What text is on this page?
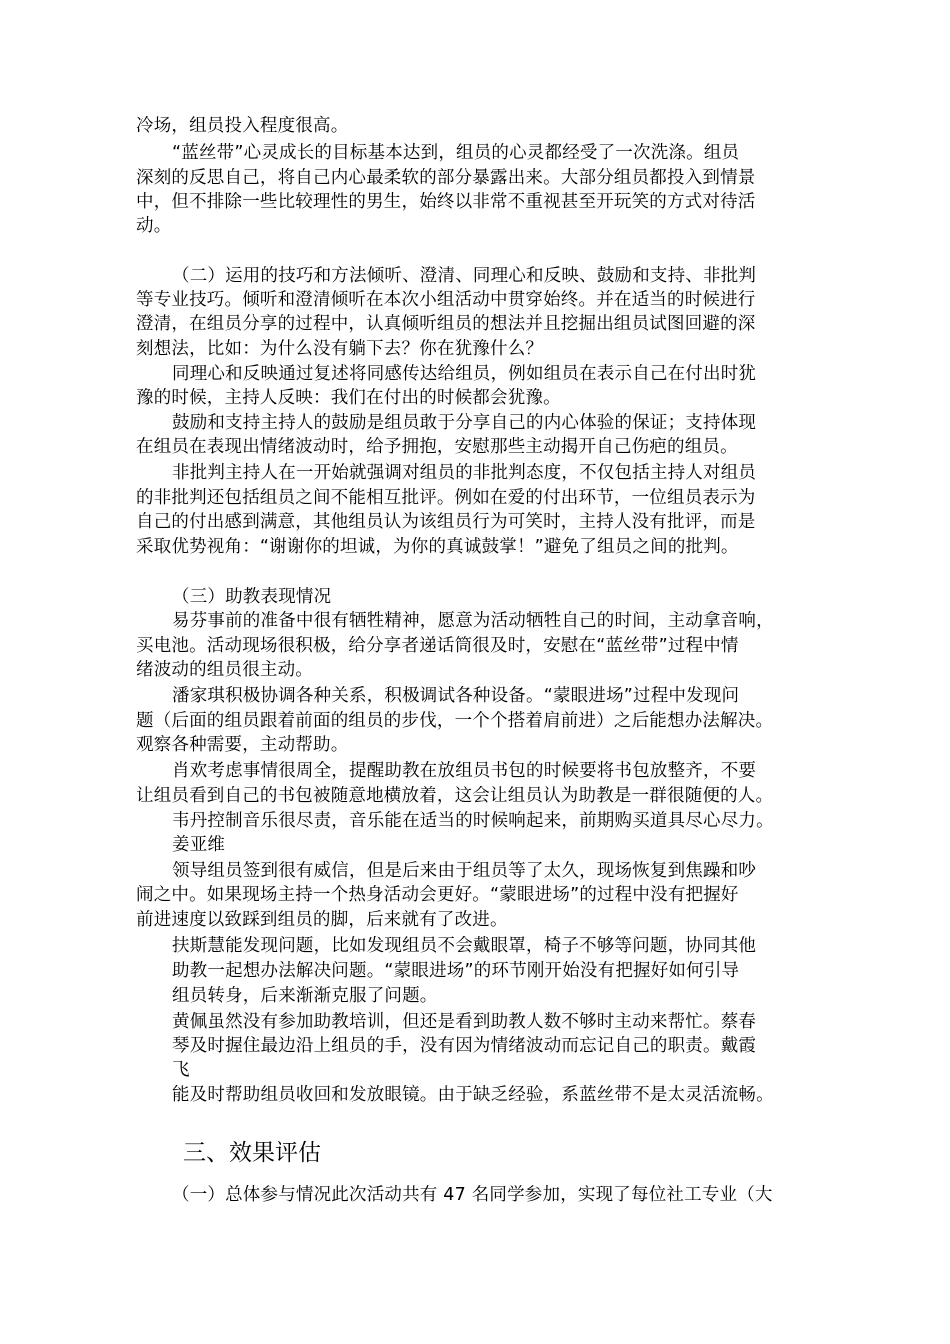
冷场，组员投入程度很高。
“蓝丝带”心灵成长的目标基本达到，组员的心灵都经受了一次洗涤。组员
深刻的反思自己，将自己内心最柔软的部分暴露出来。大部分组员都投入到情景
中，但不排除一些比较理性的男生，始终以非常不重视甚至开玩笑的方式对待活
动。
（二）运用的技巧和方法倾听、澄清、同理心和反映、鼓励和支持、非批判
等专业技巧。倾听和澄清倾听在本次小组活动中贯穿始终。并在适当的时候进行
澄清，在组员分享的过程中，认真倾听组员的想法并且挖掘出组员试图回避的深
刻想法，比如：为什么没有躺下去？你在犹豫什么？
同理心和反映通过复述将同感传达给组员，例如组员在表示自己在付出时犹
豫的时候，主持人反映：我们在付出的时候都会犹豫。
鼓励和支持主持人的鼓励是组员敢于分享自己的内心体验的保证；支持体现
在组员在表现出情绪波动时，给予拥抱，安慰那些主动揭开自己伤疤的组员。
非批判主持人在一开始就强调对组员的非批判态度，不仅包括主持人对组员
的非批判还包括组员之间不能相互批评。例如在爱的付出环节，一位组员表示为
自己的付出感到满意，其他组员认为该组员行为可笑时，主持人没有批评，而是
采取优势视角：“谢谢你的坦诚，为你的真诚鼓掌！”避免了组员之间的批判。
（三）助教表现情况
易芬事前的准备中很有牺牲精神，愿意为活动牺牲自己的时间，主动拿音响，
买电池。活动现场很积极，给分享者递话筒很及时，安慰在“蓝丝带”过程中情
绪波动的组员很主动。
潘家琪积极协调各种关系，积极调试各种设备。“蒙眼进场”过程中发现问
题（后面的组员跟着前面的组员的步伐，一个个搭着肩前进）之后能想办法解决。
观察各种需要，主动帮助。
肖欢考虑事情很周全，提醒助教在放组员书包的时候要将书包放整齐，不要
让组员看到自己的书包被随意地横放着，这会让组员认为助教是一群很随便的人。
韦丹控制音乐很尽责，音乐能在适当的时候响起来，前期购买道具尽心尽力。
姜亚维
领导组员签到很有威信，但是后来由于组员等了太久，现场恢复到焦躁和吵
闹之中。如果现场主持一个热身活动会更好。“蒙眼进场”的过程中没有把握好
前进速度以致踩到组员的脚，后来就有了改进。
扶斯慧能发现问题，比如发现组员不会戴眼罩，椅子不够等问题，协同其他
助教一起想办法解决问题。“蒙眼进场”的环节刚开始没有把握好如何引导
组员转身，后来渐渐克服了问题。
黄佩虽然没有参加助教培训，但还是看到助教人数不够时主动来帮忙。蔡春
琴及时握住最边沿上组员的手，没有因为情绪波动而忘记自己的职责。戴霞
飞
能及时帮助组员收回和发放眼镜。由于缺乏经验，系蓝丝带不是太灵活流畅。
三、效果评估
（一）总体参与情况此次活动共有 47 名同学参加，实现了每位社工专业（大
